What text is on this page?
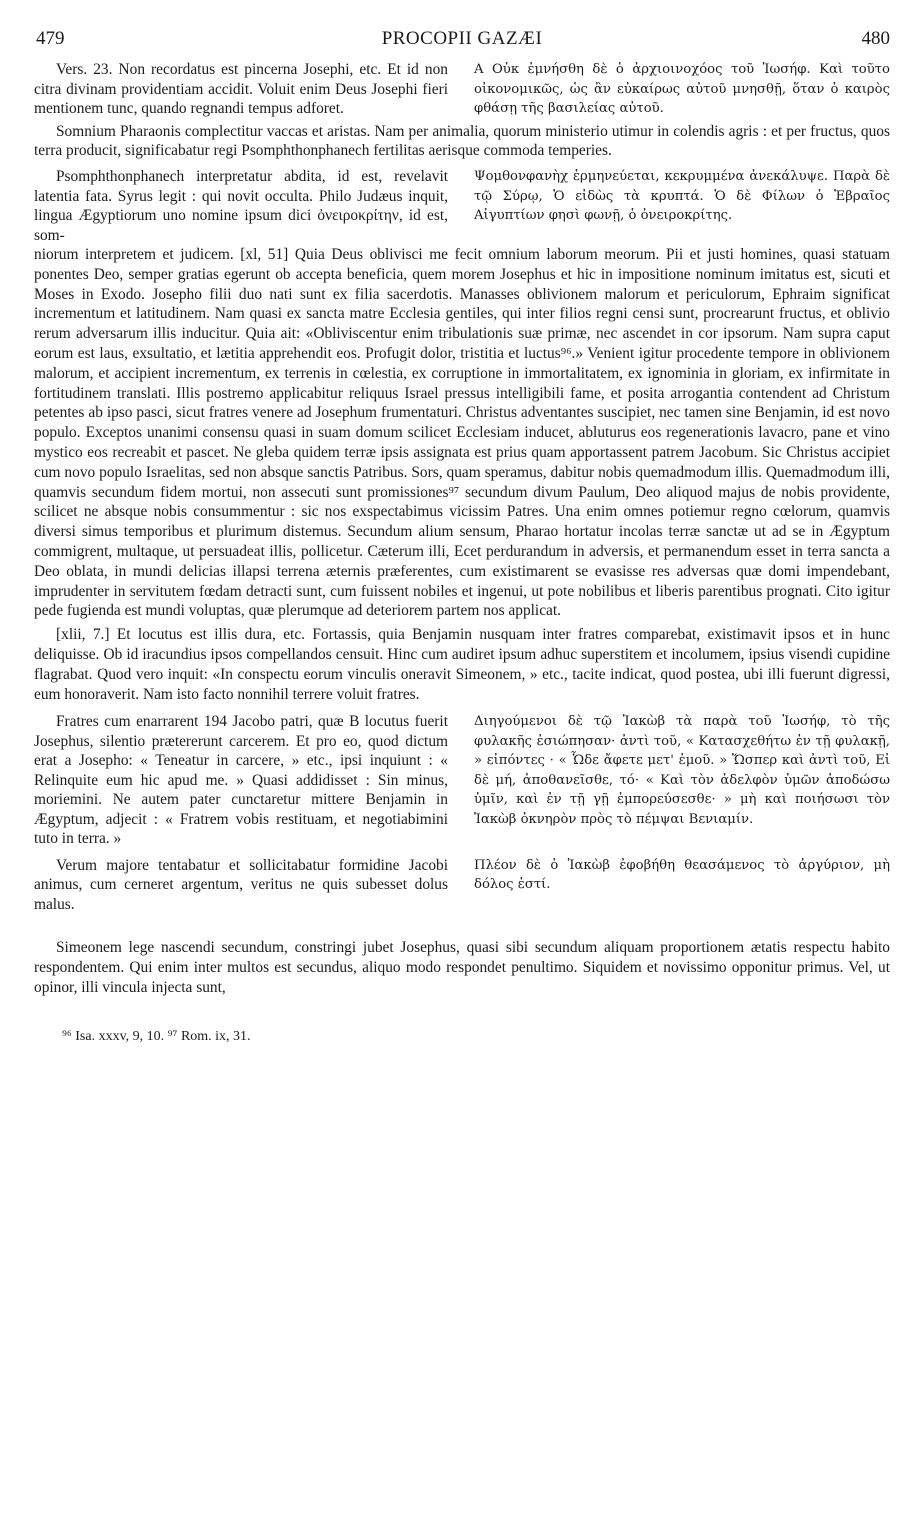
479	PROCOPII GAZÆI	480

Vers. 23. Non recordatus est pincerna Josephi, etc. Et id non citra divinam providentiam accidit. Voluit enim Deus Josephi fieri mentionem tunc, quando regnandi tempus adforet.

A Οὐκ ἐμνήσθη δὲ ὁ ἀρχιοινοχόος τοῦ Ἰωσήφ. Καὶ τοῦτο οἰκονομικῶς, ὡς ἂν εὐκαίρως αὐτοῦ μνησθῇ, ὅταν ὁ καιρὸς φθάσῃ τῆς βασιλείας αὐτοῦ.

Somnium Pharaonis complectitur vaccas et aristas. Nam per animalia, quorum ministerio utimur in colendis agris : et per fructus, quos terra producit, significabatur regi Psomphthonphanech fertilitas aerisque commoda temperies.

Psomphthonphanech interpretatur abdita, id est, revelavit latentia fata. Syrus legit : qui novit occulta. Philo Judæus inquit, lingua Ægyptiorum uno nomine ipsum dici ὀνειροκρίτην, id est, som-

Ψομθονφανὴχ ἑρμηνεύεται, κεκρυμμένα ἀνεκάλυψε. Παρὰ δὲ τῷ Σύρῳ, Ὁ εἰδὼς τὰ κρυπτά. Ὁ δὲ Φίλων ὁ Ἑβραῖος Αἰγυπτίων φησὶ φωνῇ, ὁ ὀνειροκρίτης.

niorum interpretem et judicem. [xl, 51] Quia Deus oblivisci me fecit omnium laborum meorum. Pii et justi homines, quasi statuam ponentes Deo, semper gratias egerunt ob accepta beneficia, quem morem Josephus et hic in impositione nominum imitatus est, sicuti et Moses in Exodo. Josepho filii duo nati sunt ex filia sacerdotis. Manasses oblivionem malorum et periculorum, Ephraim significat incrementum et latitudinem. Nam quasi ex sancta matre Ecclesia gentiles, qui inter filios regni censi sunt, procrearunt fructus, et oblivio rerum adversarum illis inducitur. Quia ait: «Obliviscentur enim tribulationis suæ primæ, nec ascendet in cor ipsorum. Nam supra caput eorum est laus, exsultatio, et lætitia apprehendit eos. Profugit dolor, tristitia et luctus⁹⁶.» Venient igitur procedente tempore in oblivionem malorum, et accipient incrementum, ex terrenis in cœlestia, ex corruptione in immortalitatem, ex ignominia in gloriam, ex infirmitate in fortitudinem translati. Illis postremo applicabitur reliquus Israel pressus intelligibili fame, et posita arrogantia contendent ad Christum petentes ab ipso pasci, sicut fratres venere ad Josephum frumentaturi. Christus adventantes suscipiet, nec tamen sine Benjamin, id est novo populo. Exceptos unanimi consensu quasi in suam domum scilicet Ecclesiam inducet, abluturus eos regenerationis lavacro, pane et vino mystico eos recreabit et pascet. Ne gleba quidem terræ ipsis assignata est prius quam apportassent patrem Jacobum. Sic Christus accipiet cum novo populo Israelitas, sed non absque sanctis Patribus. Sors, quam speramus, dabitur nobis quemadmodum illis. Quemadmodum illi, quamvis secundum fidem mortui, non assecuti sunt promissiones⁹⁷ secundum divum Paulum, Deo aliquod majus de nobis providente, scilicet ne absque nobis consummentur : sic nos exspectabimus vicissim Patres. Una enim omnes potiemur regno cœlorum, quamvis diversi simus temporibus et plurimum distemus. Secundum alium sensum, Pharao hortatur incolas terræ sanctæ ut ad se in Ægyptum commigrent, multaque, ut persuadeat illis, pollicetur. Cæterum illi, Ecet perdurandum in adversis, et permanendum esset in terra sancta a Deo oblata, in mundi delicias illapsi terrena æternis præferentes, cum existimarent se evasisse res adversas quæ domi impendebant, imprudenter in servitutem fœdam detracti sunt, cum fuissent nobiles et ingenui, ut pote nobilibus et liberis parentibus prognati. Cito igitur pede fugienda est mundi voluptas, quæ plerumque ad deteriorem partem nos applicat.

[xlii, 7.] Et locutus est illis dura, etc. Fortassis, quia Benjamin nusquam inter fratres comparebat, existimavit ipsos et in hunc deliquisse. Ob id iracundius ipsos compellandos censuit. Hinc cum audiret ipsum adhuc superstitem et incolumem, ipsius visendi cupidine flagrabat. Quod vero inquit: «In conspectu eorum vinculis oneravit Simeonem, » etc., tacite indicat, quod postea, ubi illi fuerunt digressi, eum honoraverit. Nam isto facto nonnihil terrere voluit fratres.

Fratres cum enarrarent 194 Jacobo patri, quæ B locutus fuerit Josephus, silentio prætererunt carcerem. Et pro eo, quod dictum erat a Josepho: « Teneatur in carcere, » etc., ipsi inquiunt : « Relinquite eum hic apud me. » Quasi addidisset : Sin minus, moriemini. Ne autem pater cunctaretur mittere Benjamin in Ægyptum, adjecit : « Fratrem vobis restituam, et negotiabimini tuto in terra. »

Διηγούμενοι δὲ τῷ Ἰακὼβ τὰ παρὰ τοῦ Ἰωσήφ, τὸ τῆς φυλακῆς ἐσιώπησαν· ἀντὶ τοῦ, « Κατασχεθήτω ἐν τῇ φυλακῇ, » εἰπόντες · « Ὧδε ἄφετε μετ' ἐμοῦ. » Ὥσπερ καὶ ἀντὶ τοῦ, Εἰ δὲ μή, ἀποθανεῖσθε, τό· « Καὶ τὸν ἀδελφὸν ὑμῶν ἀποδώσω ὑμῖν, καὶ ἐν τῇ γῇ ἐμπορεύσεσθε· » μὴ καὶ ποιήσωσι τὸν Ἰακὼβ ὀκνηρὸν πρὸς τὸ πέμψαι Βενιαμίν.

Verum majore tentabatur et sollicitabatur formidine Jacobi animus, cum cerneret argentum, veritus ne quis subesset dolus malus.

Πλέον δὲ ὁ Ἰακὼβ ἐφοβήθη θεασάμενος τὸ ἀργύριον, μὴ δόλος ἐστί.

Simeonem lege nascendi secundum, constringi jubet Josephus, quasi sibi secundum aliquam proportionem ætatis respectu habito respondentem. Qui enim inter multos est secundus, aliquo modo respondet penultimo. Siquidem et novissimo opponitur primus. Vel, ut opinor, illi vincula injecta sunt,

⁹⁶ Isa. xxxv, 9, 10. ⁹⁷ Rom. ix, 31.
